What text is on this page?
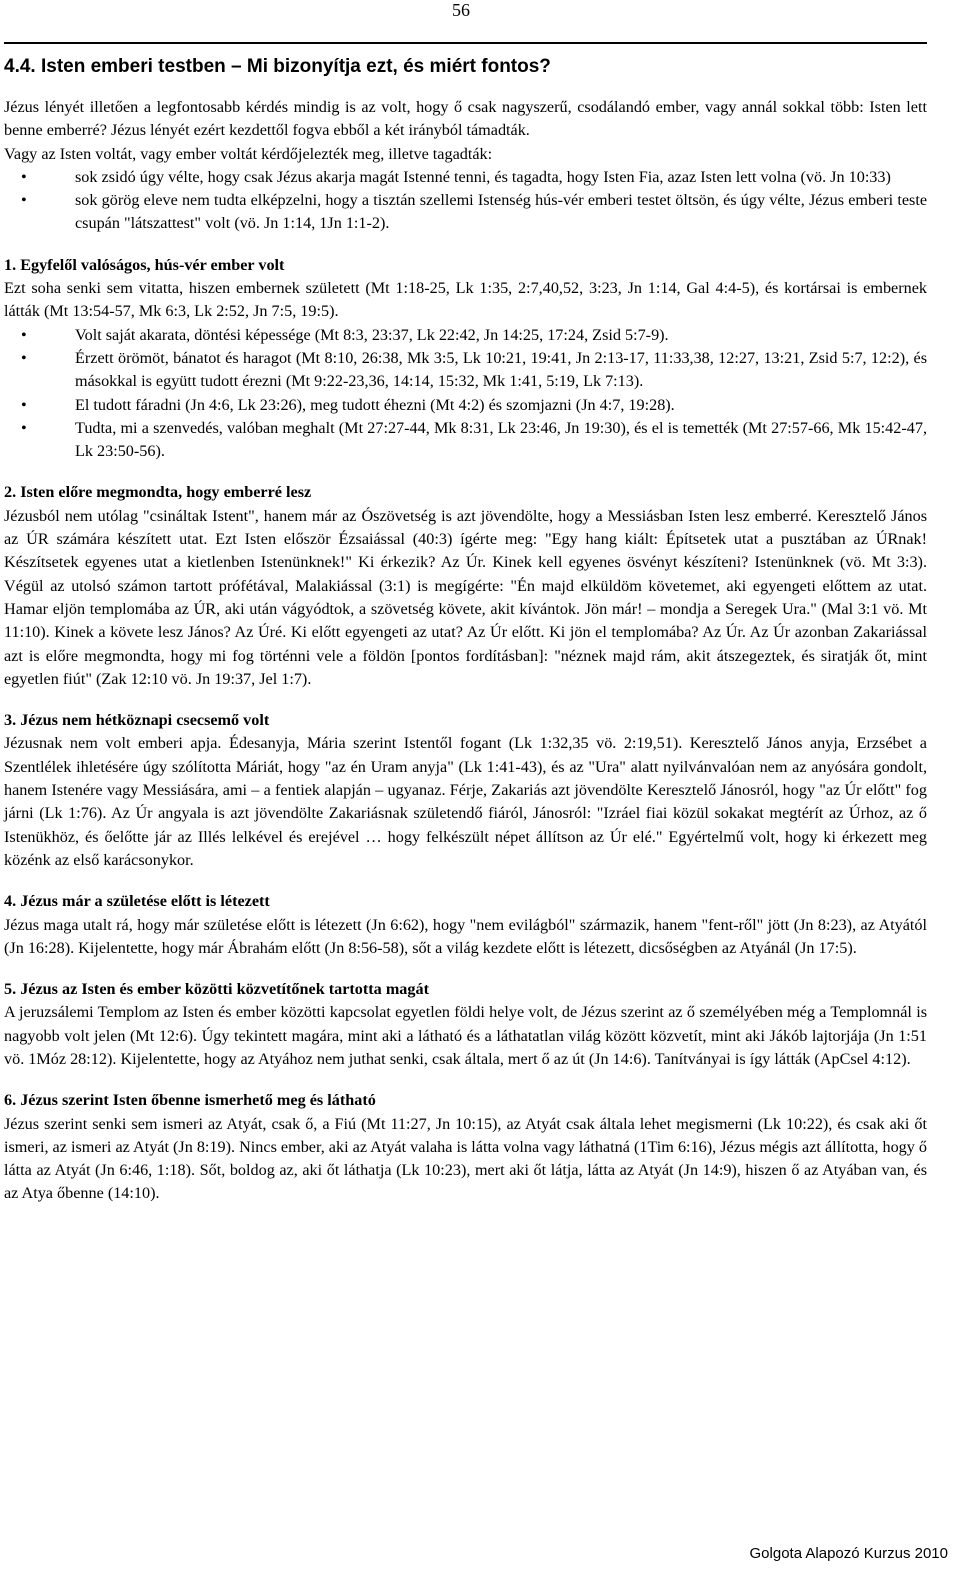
56
4.4. Isten emberi testben – Mi bizonyítja ezt, és miért fontos?

Jézus lényét illetően a legfontosabb kérdés mindig is az volt, hogy ő csak nagyszerű, csodálandó ember, vagy annál sokkal több: Isten lett benne emberré? Jézus lényét ezért kezdettől fogva ebből a két irányból támadták.

Vagy az Isten voltát, vagy ember voltát kérdőjelezték meg, illetve tagadták:

• sok zsidó úgy vélte, hogy csak Jézus akarja magát Istenné tenni, és tagadta, hogy Isten Fia, azaz Isten lett volna (vö. Jn 10:33)
• sok görög eleve nem tudta elképzelni, hogy a tisztán szellemi Istenség hús-vér emberi testet öltsön, és úgy vélte, Jézus emberi teste csupán "látszattest" volt (vö. Jn 1:14, 1Jn 1:1-2).
1. Egyfelől valóságos, hús-vér ember volt

Ezt soha senki sem vitatta, hiszen embernek született (Mt 1:18-25, Lk 1:35, 2:7,40,52, 3:23, Jn 1:14, Gal 4:4-5), és kortársai is embernek látták (Mt 13:54-57, Mk 6:3, Lk 2:52, Jn 7:5, 19:5).

• Volt saját akarata, döntési képessége (Mt 8:3, 23:37, Lk 22:42, Jn 14:25, 17:24, Zsid 5:7-9).
• Érzett örömöt, bánatot és haragot (Mt 8:10, 26:38, Mk 3:5, Lk 10:21, 19:41, Jn 2:13-17, 11:33,38, 12:27, 13:21, Zsid 5:7, 12:2), és másokkal is együtt tudott érezni (Mt 9:22-23,36, 14:14, 15:32, Mk 1:41, 5:19, Lk 7:13).
• El tudott fáradni (Jn 4:6, Lk 23:26), meg tudott éhezni (Mt 4:2) és szomjazni (Jn 4:7, 19:28).
• Tudta, mi a szenvedés, valóban meghalt (Mt 27:27-44, Mk 8:31, Lk 23:46, Jn 19:30), és el is temették (Mt 27:57-66, Mk 15:42-47, Lk 23:50-56).
2. Isten előre megmondta, hogy emberré lesz

Jézusból nem utólag "csináltak Istent", hanem már az Ószövetség is azt jövendölte, hogy a Messiásban Isten lesz emberré. Keresztelő János az ÚR számára készített utat. Ezt Isten először Ézsaiással (40:3) ígérte meg: "Egy hang kiált: Építsetek utat a pusztában az ÚRnak! Készítsetek egyenes utat a kietlenben Istenünknek!" Ki érkezik? Az Úr. Kinek kell egyenes ösvényt készíteni? Istenünknek (vö. Mt 3:3). Végül az utolsó számon tartott prófétával, Malakiással (3:1) is megígérte: "Én majd elküldöm követemet, aki egyengeti előttem az utat. Hamar eljön templomába az ÚR, aki után vágyódtok, a szövetség követe, akit kívántok. Jön már! – mondja a Seregek Ura." (Mal 3:1 vö. Mt 11:10). Kinek a követe lesz János? Az Úré. Ki előtt egyengeti az utat? Az Úr előtt. Ki jön el templomába? Az Úr. Az Úr azonban Zakariással azt is előre megmondta, hogy mi fog történni vele a földön [pontos fordításban]: "néznek majd rám, akit átszegeztek, és siratják őt, mint egyetlen fiút" (Zak 12:10 vö. Jn 19:37, Jel 1:7).

3. Jézus nem hétköznapi csecsemő volt

Jézusnak nem volt emberi apja. Édesanyja, Mária szerint Istentől fogant (Lk 1:32,35 vö. 2:19,51). Keresztelő János anyja, Erzsébet a Szentlélek ihletésére úgy szólította Máriát, hogy "az én Uram anyja" (Lk 1:41-43), és az "Ura" alatt nyilvánvalóan nem az anyósára gondolt, hanem Istenére vagy Messiására, ami – a fentiek alapján – ugyanaz. Férje, Zakariás azt jövendölte Keresztelő Jánosról, hogy "az Úr előtt" fog járni (Lk 1:76). Az Úr angyala is azt jövendölte Zakariásnak születendő fiáról, Jánosról: "Izráel fiai közül sokakat megtérít az Úrhoz, az ő Istenükhöz, és őelőtte jár az Illés lelkével és erejével … hogy felkészült népet állítson az Úr elé." Egyértelmű volt, hogy ki érkezett meg közénk az első karácsonykor.

4. Jézus már a születése előtt is létezett

Jézus maga utalt rá, hogy már születése előtt is létezett (Jn 6:62), hogy "nem evilágból" származik, hanem "fent-ről" jött (Jn 8:23), az Atyától (Jn 16:28). Kijelentette, hogy már Ábrahám előtt (Jn 8:56-58), sőt a világ kezdete előtt is létezett, dicsőségben az Atyánál (Jn 17:5).

5. Jézus az Isten és ember közötti közvetítőnek tartotta magát

A jeruzsálemi Templom az Isten és ember közötti kapcsolat egyetlen földi helye volt, de Jézus szerint az ő személyében még a Templomnál is nagyobb volt jelen (Mt 12:6). Úgy tekintett magára, mint aki a látható és a láthatatlan világ között közvetít, mint aki Jákób lajtorjája (Jn 1:51 vö. 1Móz 28:12). Kijelentette, hogy az Atyához nem juthat senki, csak általa, mert ő az út (Jn 14:6). Tanítványai is így látták (ApCsel 4:12).

6. Jézus szerint Isten őbenne ismerhető meg és látható

Jézus szerint senki sem ismeri az Atyát, csak ő, a Fiú (Mt 11:27, Jn 10:15), az Atyát csak általa lehet megismerni (Lk 10:22), és csak aki őt ismeri, az ismeri az Atyát (Jn 8:19). Nincs ember, aki az Atyát valaha is látta volna vagy láthatná (1Tim 6:16), Jézus mégis azt állította, hogy ő látta az Atyát (Jn 6:46, 1:18). Sőt, boldog az, aki őt láthatja (Lk 10:23), mert aki őt látja, látta az Atyát (Jn 14:9), hiszen ő az Atyában van, és az Atya őbenne (14:10).

Golgota Alapozó Kurzus 2010
